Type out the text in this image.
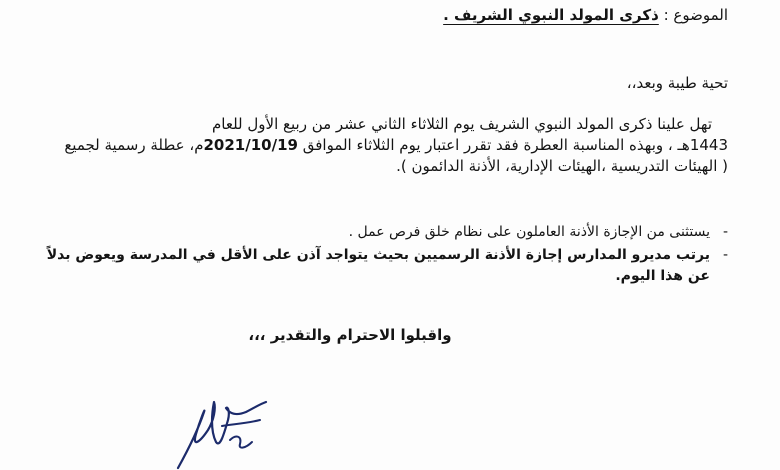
الموضوع : ذكرى المولد النبوي الشريف .
تحية طيبة وبعد،،

تهل علينا ذكرى المولد النبوي الشريف يوم الثلاثاء الثاني عشر من ربيع الأول للعام

1443هـ ، وبهذه المناسبة العطرة فقد تقرر اعتبار يوم الثلاثاء الموافق 2021/10/19م، عطلة رسمية لجميع

( الهيئات التدريسية ،الهيئات الإدارية، الأذنة الدائمون ).

-
يستثنى من الإجازة الأذنة العاملون على نظام خلق فرص عمل .
-
يرتب مديرو المدارس إجازة الأذنة الرسميين بحيث يتواجد آذن على الأقل في المدرسة ويعوض بدلاً عن هذا اليوم.
واقبلوا الاحترام والتقدير ،،،
